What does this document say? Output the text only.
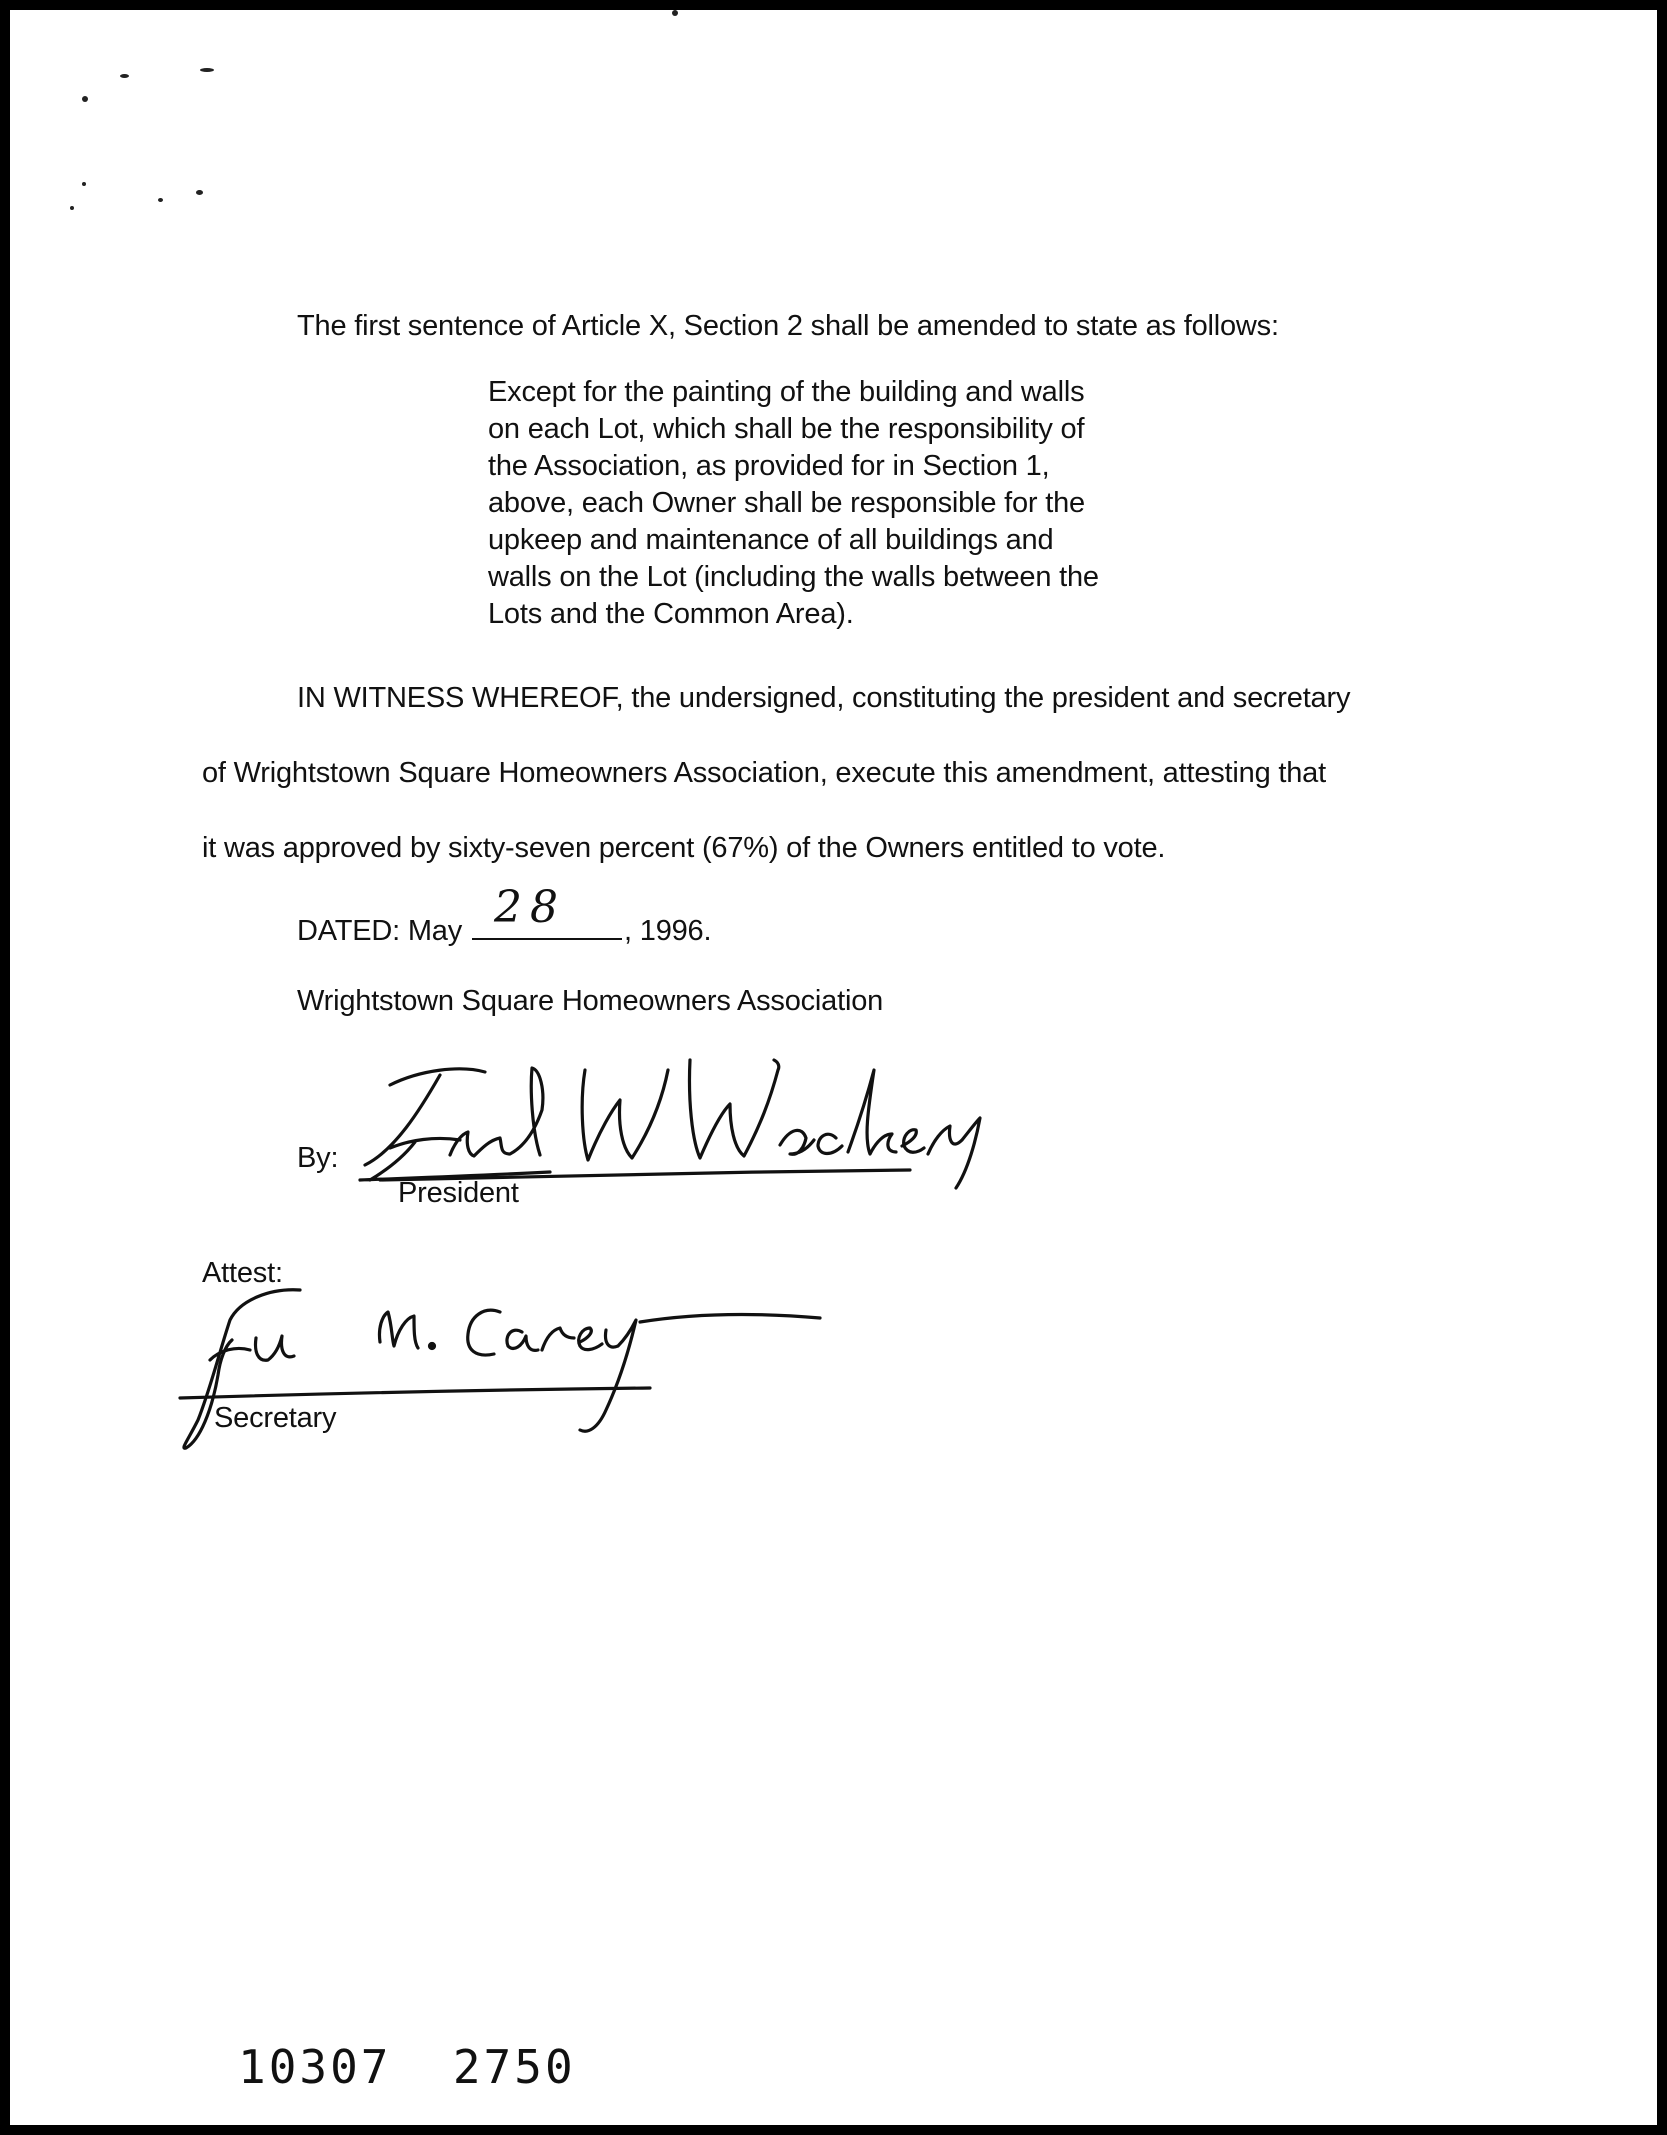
The first sentence of Article X, Section 2 shall be amended to state as follows:
Except for the painting of the building and walls
on each Lot, which shall be the responsibility of
the Association, as provided for in Section 1,
above, each Owner shall be responsible for the
upkeep and maintenance of all buildings and
walls on the Lot (including the walls between the
Lots and the Common Area).
IN WITNESS WHEREOF, the undersigned, constituting the president and secretary
of Wrightstown Square Homeowners Association, execute this amendment, attesting that
it was approved by sixty-seven percent (67%) of the Owners entitled to vote.
DATED: May 28 , 1996.
Wrightstown Square Homeowners Association
By:
President
Attest:
Secretary
10307  2750
